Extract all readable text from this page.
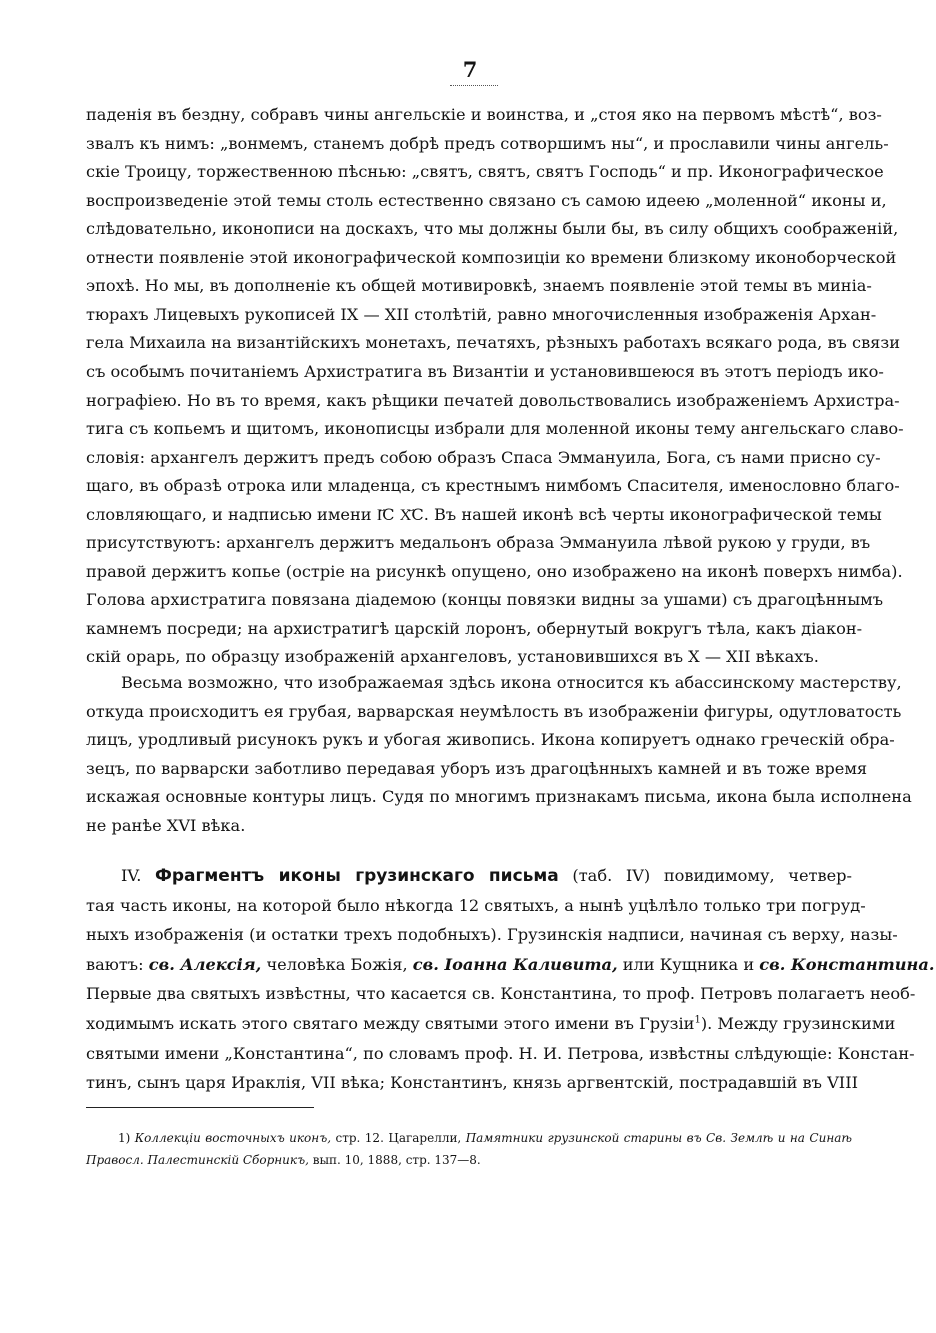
7
паденія въ бездну, собравъ чины ангельскіе и воинства, и „стоя яко на первомъ мѣстѣ“, воз-
звалъ къ нимъ: „вонмемъ, станемъ добрѣ предъ сотворшимъ ны“, и прославили чины ангель-
скіе Троицу, торжественною пѣснью: „святъ, святъ, святъ Господь“ и пр. Иконографическое
воспроизведеніе этой темы столь естественно связано съ самою идеею „моленной“ иконы и,
слѣдовательно, иконописи на доскахъ, что мы должны были бы, въ силу общихъ соображеній,
отнести появленіе этой иконографической композиціи ко времени близкому иконоборческой
эпохѣ. Но мы, въ дополненіе къ общей мотивировкѣ, знаемъ появленіе этой темы въ миніа-
тюрахъ Лицевыхъ рукописей IX — XII столѣтій, равно многочисленныя изображенія Архан-
гела Михаила на византійскихъ монетахъ, печатяхъ, рѣзныхъ работахъ всякаго рода, въ связи
съ особымъ почитаніемъ Архистратига въ Византіи и установившеюся въ этотъ періодъ ико-
нографіею. Но въ то время, какъ рѣщики печатей довольствовались изображеніемъ Архистра-
тига съ копьемъ и щитомъ, иконописцы избрали для моленной иконы тему ангельскаго славо-
словія: архангелъ держитъ предъ собою образъ Спаса Эммануила, Бога, съ нами присно су-
щаго, въ образѣ отрока или младенца, съ крестнымъ нимбомъ Спасителя, именословно благо-
словляющаго, и надписью имени І҃С Х҃С. Въ нашей иконѣ всѣ черты иконографической темы
присутствуютъ: архангелъ держитъ медальонъ образа Эммануила лѣвой рукою у груди, въ
правой держитъ копье (остріе на рисункѣ опущено, оно изображено на иконѣ поверхъ нимба).
Голова архистратига повязана діадемою (концы повязки видны за ушами) съ драгоцѣннымъ
камнемъ посреди; на архистратигѣ царскій лоронъ, обернутый вокругъ тѣла, какъ діакон-
скій орарь, по образцу изображеній архангеловъ, установившихся въ X — XII вѣкахъ.
Весьма возможно, что изображаемая здѣсь икона относится къ абассинскому мастерству,
откуда происходитъ ея грубая, варварская неумѣлость въ изображеніи фигуры, одутловатость
лицъ, уродливый рисунокъ рукъ и убогая живопись. Икона копируетъ однако греческій обра-
зецъ, по варварски заботливо передавая уборъ изъ драгоцѣнныхъ камней и въ тоже время
искажая основные контуры лицъ. Судя по многимъ признакамъ письма, икона была исполнена
не ранѣе XVI вѣка.
IV. Фрагментъ иконы грузинскаго письма (таб. IV) повидимому, четвер-
тая часть иконы, на которой было нѣкогда 12 святыхъ, а нынѣ уцѣлѣло только три погруд-
ныхъ изображенія (и остатки трехъ подобныхъ). Грузинскія надписи, начиная съ верху, назы-
ваютъ: св. Алексія, человѣка Божія, св. Іоанна Каливита, или Кущника и св. Константина.
Первые два святыхъ извѣстны, что касается св. Константина, то проф. Петровъ полагаетъ необ-
ходимымъ искать этого святаго между святыми этого имени въ Грузіи$^1$). Между грузинскими
святыми имени „Константина“, по словамъ проф. Н. И. Петрова, извѣстны слѣдующіе: Констан-
тинъ, сынъ царя Ираклія, VII вѣка; Константинъ, князь аргвентскій, пострадавшій въ VIII
1) Коллекціи восточныхъ иконъ, стр. 12. Цагарелли, Памятники грузинской старины въ Св. Землѣ и на Синаѣ
Правосл. Палестинскій Сборникъ, вып. 10, 1888, стр. 137—8.
